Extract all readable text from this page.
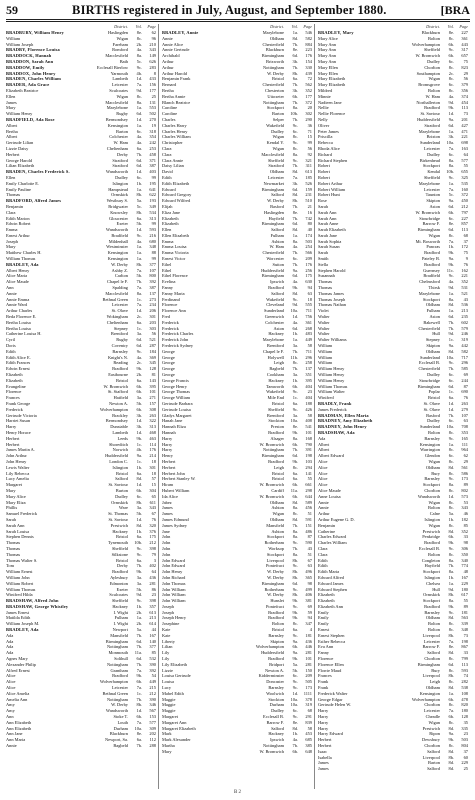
59	BIRTHS registered in July, August, and September 1880.	[BRA
District.	Vol.	Page
BRADBURY, William Henry	Haslingden	8e.	62
William	Wigan	8c.	96
William Joseph	Fareham	2b.	210
BRADBY, Florence Louisa	Romford	4a.	343
BRADDOCK, Hannah	Macclesfield	8a.	149
BRADDON, Sarah Ann	Bath	5c.	626
BRADDOW, Emily	Ecclesall Bierlow	9c.	283
BRADDOX, John Henry	Yarmouth	4b.	8
BRADEN, Charles William	Lambeth	1d.	433
BRADER, Ada Grace	Leicester	7a.	156
Elizabeth Beatrice	Sculcoates	9d.	177
Ellen	Wigan	8c.	25
James	Macclesfield	8a.	131
Mary	Marylebone	1a.	553
William Henry	Rugby	6d.	502
BRADFIELD, Ada Rose	Bermondsey	1d.	270
Albert	Kensington	1a.	19
Bertha	Barton	6c.	318
Albert	Colchester	4a.	354
Gertrude Lilian	W. Ham	4a.	242
Lizzie Daisy	Cheltenham	6a.	253
Herbert	Derby	7b.	458
George Harold	Stratford	6d.	371
Lilian Elizabeth	Stratford	6d.	387
BRADEN, Charles Frederick S.	Wandsworth	1d.	403
Ellen	Dudley	6c.	99
Emily Charlotte E.	Islington	1b.	195
Emily Pauline	Hampstead	1a.	641
Thomas	Ormskirk	8b.	622
BRADFORD, Alfred James	Westbury S.	5a.	193
Benjamin	Bridgwater	5c.	349
Clara	Knowsley	8b.	534
Edith Marion	Gloucester	6a.	313
Edwin Robert	Exeter	5b.	99
Emma	Wandsworth	1d.	593
Ernest Arthur	Bradfield	9c.	216
Joseph	Mildenhall	4a.	680
Mary	Westminster	1a.	348
Matthew Charles H.	Kensington	1a.	88
William Thomas	Kensington	1a.	99
BRADLEY, Ada	W. Derby	8b.	377
Albert Henry	Ashby Z.	7a.	107
Alice Maria	Carlton	5b.	800
Alice Maude	Chapel le F.	7b.	392
Ann	Spalding	7a.	387
Annie	Macclesfield	8a.	137
Annie Emma	Bethnal Green	1c.	273
Annie Ward	Leicester	7a.	234
Arthur Charles	St. Olave	1d.	206
Beda Florence E.	Wokingham	2c.	301
Bertha Louisa	Cheltenham	6a.	203
Bertha Louisa	Stepney	1c.	303
Catherine Louisa H.	Brentford	3a.	56
Cyril	Rugby	6d.	521
Doris	Coventry	6d.	287
Edith	Barnsley	9c.	184
Edith Alice E.	Knight's N.	4a.	369
Edith Frances	Reading	2c.	345
Edwin Ernest	Bradford	9b.	128
Elizabeth	Eastbourne	2b.	81
Elizabeth	Bristol	6a.	143
Evangeline	W. Bromwich	6b.	395
Florence	St. Stafford	6b.	101
Frances	Hatfield	3a.	271
Frank George	Newton A.	5b.	157
Frederick	Wolverhampton	6b.	308
Gertrude Victoria	Brackley	3b.	263
Harriet Susan	Bermondsey	1d.	322
Harry	Dunstable	3b.	313
Henry Horace	Lambeth	1d.	468
Herbert	Leeds	9b.	463
Herbert	Shoreditch	1c.	114
James Martin A.	Norwich	4b.	176
John Arthur	Huddersfield	9a.	214
John Henry	London C.	1c.	18
Lewis Walter	Islington	1b.	301
Lily Rebecca	Bristol	6a.	18
Lucy Amelia	Salford	8d.	57
Margaret	St. Saviour	1d.	15
Mary	Burton	6b.	304
Mary Alice	Dudley	6c.	65
Mary Eliza	Ormskirk	8b.	611
Phillis	Ware	3a.	343
Samuel Frederick	St. Thomas	5b.	67
Sarah	St. Saviour	1d.	76
Sarah Ann	Prestwich	8d.	320
Sarah Louisa	Hackney	1b.	376
Stephen Dennis	Bristol	6a.	175
Thomas	Tynemouth	10b.	212
Thomas	Sheffield	9c.	398
Thomas	Silkstone	9c.	79
Thomas Walter S.	Bristol	6a.	3
Tom	Derby	7b.	402
William Ernest	Bradford	9b.	64
William John	Aylesbury	3a.	436
William Robert	Edmonton	3a.	281
William Thomas	Exeter	5b.	86
Winifred Hilda	Sculcoates	9d.	23
BRADSHAW, Alfred John	Sheffield	9c.	398
BRADSHAW, George Whistley	Hackney	1b.	357
James Ernest	I. Wight	2b.	613
Matilda Edith	Fulham	1a.	213
William Joseph M.	I. Wight	2b.	614
BRADLEY, Ada	Newport	5a.	44
Ada	Mansfield	7b.	167
Ada	Birmingham	6d.	140
Ada	Nottingham	7b.	377
Ada	Monmouth	11a.	85
Agnes Mary	Solihull	6d.	532
Alexander Philip	Nottingham	7b.	390
Alfred Ernest	Grantham	7a.	392
Alice	Bradford	9b.	54
Alice	Wolverhampton	6b.	449
Alice	Leicester	7a.	215
Alice Amelia	Bethnal Green	1c.	212
Amelia Ann	Nottingham	7b.	390
Amy	W. Derby	8b.	346
Amy	Wandsworth	1d.	567
Ann	Stoke T.	6b.	153
Ann Elizabeth	Louth	7a.	577
Ann Elizabeth	Durham	10a.	309
Ann Jane	Blackburn	8e.	202
Ann Maria	Newport, Sa.	6a.	112
Annie	Bagbeld	7b.	288
District.	Vol.	Page
BRADLEY, Annie	Marylebone	1a.	546
Annie	Oldham	8d.	582
Annie Alice	Chesterfield	7b.	884
Annie Gertrude	Blackburn	8e.	223
Archibald	Birmingham	6d.	176
Arthur	Brixworth	3b.	154
Arthur	Nottingham	7b.	330
Arthur Harold	W. Derby	8b.	439
Benjamin Frank	Bristol	6a.	72
Bernard	Chesterfield	7b.	562
Bertha	Chesterton	3b.	352
Bertha Annie	Uttoxeter	6b.	177
Blanch Beatrice	Nottingham	7b.	372
Caroline	Stockport	8a.	20
Caroline	Barton	10b.	302
Charles	Selper	7b.	290
Charles Harry	Wakefield	9c.	36
Charles Henry	Dudley	6c.	71
Charles William	Wigan	8c.	15
Christopher	Kendal Y.	9c.	99
Clara	Wigan	8c.	56
Clara	Macclesfield	8a.	92
Clara Annie	Sheffield	9c.	321
Daisy Lilian	Stratford	7b.	311
David	Oldham	8d.	613
Edith	Leicester	7a.	185
Edith Elizabeth	Newmarket	3b.	526
Edward	Birmingham	6d.	159
Edward Gregory	Salford	8d.	231
Edward Wilfred	W. Derby	8b.	510
Elijah	Basford	7b.	21
Eliza Jane	Haslingden	8e.	16
Elizabeth	Hayfield	7b.	742
Elizabeth	Birmingham	6d.	80
Ellen	Salford	8d.	40
Ellen Elizabeth	Fulham	1a.	174
Emma	Ashton	8a.	503
Emma Louisa	W. Ham	4a.	254
Emma Victoria	Chesterfield	7b.	566
Ernest Victor	Worcester	6c.	209
Ethel	Sutton	7b.	176
Ethel	Huddersfield	9a.	256
Ethel Florence	Birmingham	6d.	175
Evelina	Ipswich	4a.	630
Fanny	Bradford	9b.	94
Fanny Maria	Salford	8d.	63
Ferdinand	Wakefield	9c.	18
Florence	Cleveland	9d.	555
Florence Ann	Sunderland	10a.	711
Fred	Greenwich	1d.	756
Frederick	Colchester	4a.	361
Frederick	Aston	6d.	268
Frederick Charles	Hackney	1b.	483
Frederick John	Marylebone	1a.	449
Frederick Sydney	Brentford	3a.	58
George	Chapel le F.	7b.	711
George	Holywell	11b.	296
George	Leigh	8c.	258
George	Bagbeld	7b.	137
George	Cookham	3a.	351
George Francis	Hackney	1b.	395
George Henry	Tamworth	6b.	404
George Thomas	Wakefield	9c.	23
George William	Mile End	1c.	404
Gertrude Barbara	Bristol	6a.	188
Gertrude Louisa	Sheffield	9c.	426
Gladys Margaret	Brentford	3a.	58
Hanah Jane	Stockton	10a.	408
Hannah Eliza	Preston	8e.	541
Hannah	Bradford	9b.	101
Harry	Alsager	8a.	168
Harry	W. Bromwich	6b.	790
Harry	Nottingham	7b.	391
Henry	Birmingham	6d.	198
Herbert	Bradford	9b.	103
Herbert	Leigh	8c.	294
Herbert John	Bristol	6a.	141
Herbert Stanley W.	Bristol	6a.	55
Hiram	W. Bromwich	6b.	661
Hubert William	Cardiff	11a.	298
Ida Alice	W. Bromwich	6b.	644
Jabez	Oldham	8d.	589
James	Ashton	8a.	456
James	Wigan	8c.	51
James Edmund	Oldham	8d.	591
James Sydney	Mansfield	7b.	151
Jane	Ashton	8a.	486
John	Stockport	8a.	87
John	Rotherham	9c.	590
John	Worksop	7b.	43
John	Stockport	8a.	51
John Edward	Liverpool	8b.	67
John Edward	Pontefract	9c.	63
John Henry	W. Derby	8b.	496
John Richard	W. Derby	8b.	365
John Thomas	Birmingham	6d.	98
John William	Rotherham	9c.	499
John William	W. Derby	8b.	406
John William	Hunslet	9b.	381
Joseph	Pontefract	9c.	69
Joseph	Bradford	9b.	59
Joseph Henry	Bradford	9b.	94
Josephine	Bolton	8c.	347
Kate	Bristol	6a.	4
Kate	Barnsley	9c.	181
Liberty	Skipton	9a.	436
Lilian	Wolverhampton	6b.	446
Lily	Huddersfield	9a.	281
Lily	Bradford	9b.	101
Lily Elizabeth	Bridport	5a.	281
Lizzie	Newton A.	5b.	150
Louisa Gertrude	Kidderminster	6c.	209
Louisa	Doncaster	9c.	505
Lucy	Barnsley	9c.	173
Mabel Edith	Woolwich	1d.	1111
Maggie	Stockton	10a.	378
Maggie	Durham	10a.	319
Maggie	Dudley	6c.	68
Margaret	Ecclesall B.	9c.	291
Margaret Ann	Barrow F.	8e.	839
Margaret Elizabeth	Salford	8d.	58
Mark	Hackney	1b.	453
Mark Alexander	Ipswich	4a.	685
Martha	Nottingham	7b.	385
Mary	W. Bromwich	6b.	648
District.	Vol.	Page
BRADLEY, Mary	Blackburn	8e.	227
Mary Alice	Bolton	8c.	361
Mary Ann	Wolverhampton	6b.	443
Mary Ann	Sheffield	9c.	317
Mary Ann	W. Bromwich	6b.	657
Mary Ann	Dudley	6c.	75
Mary Ellen	Chorlton	8c.	823
Mary Ellen	Southampton	2c.	29
Mary Elizabeth	Wigan	8c.	56
Mary Elizabeth	Bromsgrove	6c.	379
Mildred	Bolton	8c.	356
Minnie	W. Ham	4a.	374
Nadieen Jane	Northallerton	9d.	454
Nellie	Bradford	9b.	113
Nellie Florence	St. Saviour	1d.	73
Nelly	Huddersfield	9a.	201
Oliver	Stratford	6d.	427
Peter James	Marylebone	1a.	471
Priscilla	Brixton	3b.	221
Rebecca	Sunderland	10a.	698
Rhoda Alice	Leicester	7a.	163
Richard	Dudley	6c.	64
Richard Stephen	Birkenhead	8a.	577
Robert	Stockport	8a.	55
Robert	Kendal	10b.	655
Robert	Sheffield	9c.	325
Robert Arthur	Marylebone	1a.	535
Robert William	Leicester	7a.	160
Robert Hunt	Taunton	5c.	372
Rose	Skipton	9a.	450
Sarah	Aston	6d.	212
Sarah Ann	W. Bromwich	6b.	797
Sarah Ann	Stourbridge	6c.	227
Sarah Anne	Barrow F.	8e.	857
Sarah Elizabeth	Birmingham	6d.	113
Sarah Jane	Wigan	8c.	68
Sarah Sophia	Mt. Bosworth	7a.	37
Sarah Susan	Pancras	1b.	172
Sarah	Bradford	9b.	75
Smith	Pateley B.	9a.	9
Stella	Bradford	9b.	76
Stephen Harold	Guernsey	11c.	162
Susannah	Bradfield	9c.	221
Thomas	Chelmsford	4a.	352
Thomas	Thirsk	9d.	531
Thomas James	Marylebone	1a.	521
Thomas Joseph	Stockport	8a.	43
Thomas Nathan	Oldham	8d.	536
Violet	Fulham	1a.	213
Walter	Aston	6d.	235
Walter	Bakewell	7b.	602
Walter	Chesterfield	7b.	579
Walter	Hull	9d.	246
Walter Williams	Stepney	1c.	319
William	Skipton	9a.	442
William	Oldham	8d.	582
William	Sunderland	10a.	717
William	Ecclesall B.	9c.	296
William Henry	Chesterfield	7b.	585
William Henry	Dudley	6c.	69
William Henry	Stourbridge	6c.	244
William Thomas	Birmingham	6d.	87
William Walter	Poplar	1c.	690
Winifred	Bristol	6a.	76
BRADLY, Frank	St. Olave	1d.	263
James Frederick	St. Olave	1d.	279
BRADMAN, Ellen Maria	Basford	7b.	107
BRADNEY, Amy Elizabeth	Dudley	6c.	63
BRADNEY, John Henry	Sunderland	10a.	708
BRADSHAW, Ada	Bolton	8c.	353
Ada	Barnsley	9c.	165
Albert	Kensington	1a.	111
Albert	Warrington	8c.	964
Albert Edward	Glendon	6c.	62
Alice	Wigan	8c.	29
Alice	Oldham	8d.	561
Alice	Bury	8c.	586
Alice	Barnsley	9c.	173
Alice	Stockport	8a.	89
Alice Maude	Chorlton	8c.	802
Anne Louisa	Wandsworth	1d.	573
Annie	Wigan	8c.	53
Annie	Bolton	8c.	343
Arthur	Calne	5a.	46
Arthur Eugene G. D.	Islington	1b.	182
Benjamin	Wigan	8c.	85
Catherine	Prestwich	8d.	352
Charles Edward	Penkridge	6b.	33
Charles William	Bradford	9b.	98
Clara	Ecclesall B.	9c.	306
Clara	Bolton	8c.	350
Edith	Congleton	8a.	340
Edith	Hayfield	7b.	774
Edith Maria	Stockport	8a.	48
Edward Alfred	Islington	1b.	167
Edward James	Chelsea	1a.	229
Edward Stephen	Hull	9d.	180
Elizabeth	Ormskirk	8b.	617
Elizabeth	Stockport	8a.	55
Elizabeth Ann	Bradford	9b.	89
Emily	Barnsley	9c.	181
Emily	Oldham	8d.	563
Emily	Bolton	8c.	339
Ernest	Bolton	8c.	348
Ernest Stephen	Liverpool	8b.	73
Esther Rebecca	Leicester	7a.	198
Eva Ann	Barrow F.	8e.	867
Fanny	Salford	8d.	33
Florence	Chorlton	8c.	799
Florence Ellen	Birmingham	6d.	113
Florrie Maud	Bury	8c.	593
Frances	Liverpool	8b.	74
Frank	Leigh	8c.	282
Frank	Oldham	8d.	538
Frederick Walter	Kensington	1a.	108
George Edgar	Wolverhampton	6b.	478
Gertrude Helen W.	Chorlton	8c.	820
Harry	Leicester	7a.	180
Harry	Cheadle	6b.	128
Harry	Wigan	8c.	35
Harry	Prestwich	8d.	335
Harry Edward	Ripon	9a.	23
Herbert	Dewsbury	9b.	503
Herbert	Chorlton	8c.	804
Isaac	Salford	8d.	37
Isabella	Liverpool	8b.	60
James	Barton	8d.	229
James	Salford	8d.	25
B 2
